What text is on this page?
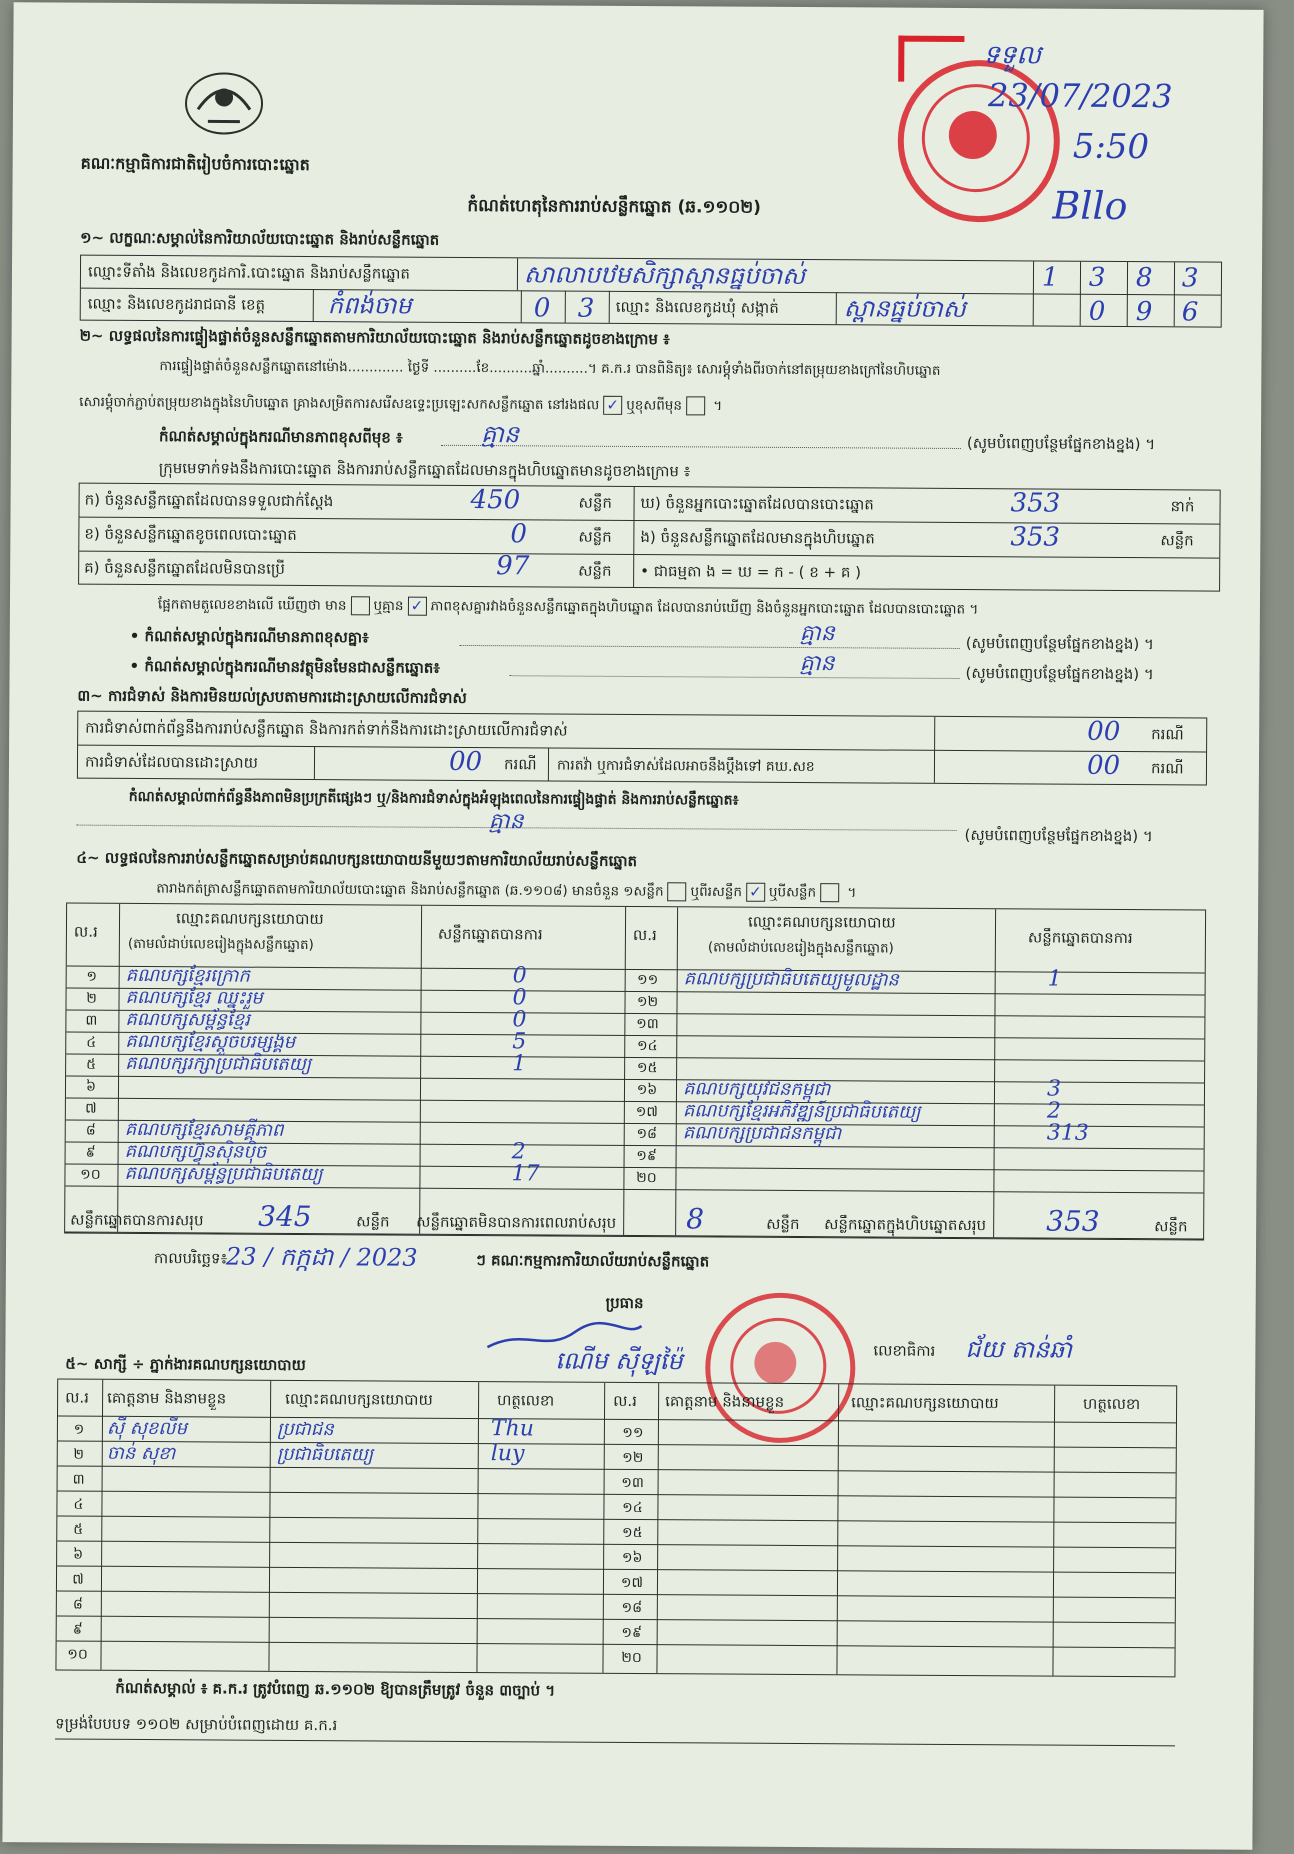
គណៈកម្មាធិការជាតិរៀបចំការបោះឆ្នោត
កំណត់ហេតុនៃការរាប់សន្លឹកឆ្នោត (ឆ.១១០២)
ទទួល
23/07/2023
5:50
Bllo
១~ លក្ខណៈសម្គាល់នៃការិយាល័យបោះឆ្នោត និងរាប់សន្លឹកឆ្នោត
ឈ្មោះទីតាំង និងលេខកូដការិ.បោះឆ្នោត និងរាប់សន្លឹកឆ្នោត	សាលាបឋមសិក្សាស្ពានធ្នប់ចាស់	1 3 8 3
ឈ្មោះ និងលេខកូដរាជធានី ខេត្ត	កំពង់ចាម	0 3 ឈ្មោះ និងលេខកូដឃុំ សង្កាត់	ស្ពានធ្នប់ចាស់	0 9 6
២~ លទ្ធផលនៃការផ្ទៀងផ្ទាត់ចំនួនសន្លឹកឆ្នោតតាមការិយាល័យបោះឆ្នោត និងរាប់សន្លឹកឆ្នោតដូចខាងក្រោម ៖
ការផ្ទៀងផ្ទាត់ចំនួនសន្លឹកឆ្នោតនៅម៉ោង............. ថ្ងៃទី ..........ខែ..........ឆ្នាំ..........។ គ.ក.រ បានពិនិត្យ៖ សោរម្ដុំទាំងពីរចាក់នៅតម្រុយខាងក្រៅនៃហិបឆ្នោត
សោរម្ដុំចាក់ភ្ជាប់តម្រុយខាងក្នុងនៃហិបឆ្នោត គ្រាងសម្រិតការសរើសឧទ្ទេះប្រឡេះសកសន្លឹកឆ្នោត នៅរងផល ✓ ឬខុសពីមុន ។
កំណត់សម្គាល់ក្នុងករណីមានភាពខុសពីមុខ ៖	គ្មាន	(សូមបំពេញបន្ថែមផ្នែកខាងខ្នង) ។
ក្រុមមេទាក់ទងនឹងការបោះឆ្នោត និងការរាប់សន្លឹកឆ្នោតដែលមានក្នុងហិបឆ្នោតមានដូចខាងក្រោម ៖
ក) ចំនួនសន្លឹកឆ្នោតដែលបានទទួលជាក់ស្ដែង	450	សន្លឹក
ខ) ចំនួនសន្លឹកឆ្នោតខូចពេលបោះឆ្នោត	0	សន្លឹក
គ) ចំនួនសន្លឹកឆ្នោតដែលមិនបានប្រើ	97	សន្លឹក
ឃ) ចំនួនអ្នកបោះឆ្នោតដែលបានបោះឆ្នោត	353	នាក់
ង) ចំនួនសន្លឹកឆ្នោតដែលមានក្នុងហិបឆ្នោត	353	សន្លឹក
• ជាធម្មតា ង = ឃ = ក - ( ខ + គ )
ផ្អែកតាមតួលេខខាងលើ ឃើញថា មាន ឬគ្មាន ✓ ភាពខុសគ្នារវាងចំនួនសន្លឹកឆ្នោតក្នុងហិបឆ្នោត ដែលបានរាប់ឃើញ និងចំនួនអ្នកបោះឆ្នោត ដែលបានបោះឆ្នោត ។
• កំណត់សម្គាល់ក្នុងករណីមានភាពខុសគ្នា៖	គ្មាន	(សូមបំពេញបន្ថែមផ្នែកខាងខ្នង) ។
• កំណត់សម្គាល់ក្នុងករណីមានវត្ថុមិនមែនជាសន្លឹកឆ្នោត៖	គ្មាន	(សូមបំពេញបន្ថែមផ្នែកខាងខ្នង) ។
៣~ ការជំទាស់ និងការមិនយល់ស្របតាមការដោះស្រាយលើការជំទាស់
ការជំទាស់ពាក់ព័ន្ធនឹងការរាប់សន្លឹកឆ្នោត និងការកត់ទាក់នឹងការដោះស្រាយលើការជំទាស់	00 ករណី
ការជំទាស់ដែលបានដោះស្រាយ	00 ករណី ការតវ៉ា ឬការជំទាស់ដែលអាចនឹងប្ដឹងទៅ គឃ.សខ	00 ករណី
កំណត់សម្គាល់ពាក់ព័ន្ធនឹងភាពមិនប្រក្រតីផ្សេងៗ ឬ/និងការជំទាស់ក្នុងអំឡុងពេលនៃការផ្ទៀងផ្ទាត់ និងការរាប់សន្លឹកឆ្នោត៖
គ្មាន
(សូមបំពេញបន្ថែមផ្នែកខាងខ្នង) ។
៤~ លទ្ធផលនៃការរាប់សន្លឹកឆ្នោតសម្រាប់គណបក្សនយោបាយនីមួយៗតាមការិយាល័យរាប់សន្លឹកឆ្នោត
តារាងកត់ត្រាសន្លឹកឆ្នោតតាមការិយាល័យបោះឆ្នោត និងរាប់សន្លឹកឆ្នោត (ឆ.១១០៨) មានចំនួន ១សន្លឹក ឬពីរសន្លឹក ✓ ឬបីសន្លឹក ។
ល.រ
ឈ្មោះគណបក្សនយោបាយ
(តាមលំដាប់លេខរៀងក្នុងសន្លឹកឆ្នោត)
សន្លឹកឆ្នោតបានការ	ល.រ
ឈ្មោះគណបក្សនយោបាយ
(តាមលំដាប់លេខរៀងក្នុងសន្លឹកឆ្នោត)
សន្លឹកឆ្នោតបានការ
១	គណបក្សខ្មែរក្រោក	0
២	គណបក្សខ្មែរ ឈ្នះរួម	0
៣	គណបក្សសម្ព័ន្ធខ្មែរ	0
៤	គណបក្សខ្មែរស្ដួចបរម្សង្គម	5
៥	គណបក្សរក្សាប្រជាធិបតេយ្យ	1
៦
៧
៨	គណបក្សខ្មែរសាមគ្គីភាព
៩	គណបក្សហ៊្វុនស៊ិនប៉ិច	2
១០	គណបក្សសម្ព័ន្ធប្រជាធិបតេយ្យ	17
១១	គណបក្សប្រជាធិបតេយ្យមូលដ្ឋាន	1
១២
១៣
១៤
១៥
១៦	គណបក្សយុវជនកម្ពុជា	3
១៧	គណបក្សខ្មែរអភិវឌ្ឍន៍ប្រជាធិបតេយ្យ	2
១៨	គណបក្សប្រជាជនកម្ពុជា	313
១៩
២០
សន្លឹកឆ្នោតបានការសរុប 345	សន្លឹក សន្លឹកឆ្នោតមិនបានការពេលរាប់សរុប 8	សន្លឹក សន្លឹកឆ្នោតក្នុងហិបឆ្នោតសរុប 353	សន្លឹក
កាលបរិច្ឆេទ៖
23 / កក្កដា / 2023	ៗ គណៈកម្មការការិយាល័យរាប់សន្លឹកឆ្នោត
ប្រធាន
ណើម ស៊ីឡម៉ៃ	លេខាធិការ ជ័យ តាន់ឆាំ
៥~ សាក្សី ÷ ភ្នាក់ងារគណបក្សនយោបាយ
ល.រ គោត្តនាម និងនាមខ្លួន	ឈ្មោះគណបក្សនយោបាយ	ហត្ថលេខា	ល.រ គោត្តនាម និងនាមខ្លួន	ឈ្មោះគណបក្សនយោបាយ	ហត្ថលេខា
១	សុី សុខលីម	ប្រជាជន	Thu
២	ចាន់ សុខា	ប្រជាធិបតេយ្យ	luy
៣
៤
៥
៦
៧
៨
៩
១០
១១
១២
១៣
១៤
១៥
១៦
១៧
១៨
១៩
២០
កំណត់សម្គាល់ ៖ គ.ក.រ ត្រូវបំពេញ ឆ.១១០២ ឱ្យបានត្រឹមត្រូវ ចំនួន ៣ច្បាប់ ។
ទម្រង់បែបបទ ១១០២ សម្រាប់បំពេញដោយ គ.ក.រ
